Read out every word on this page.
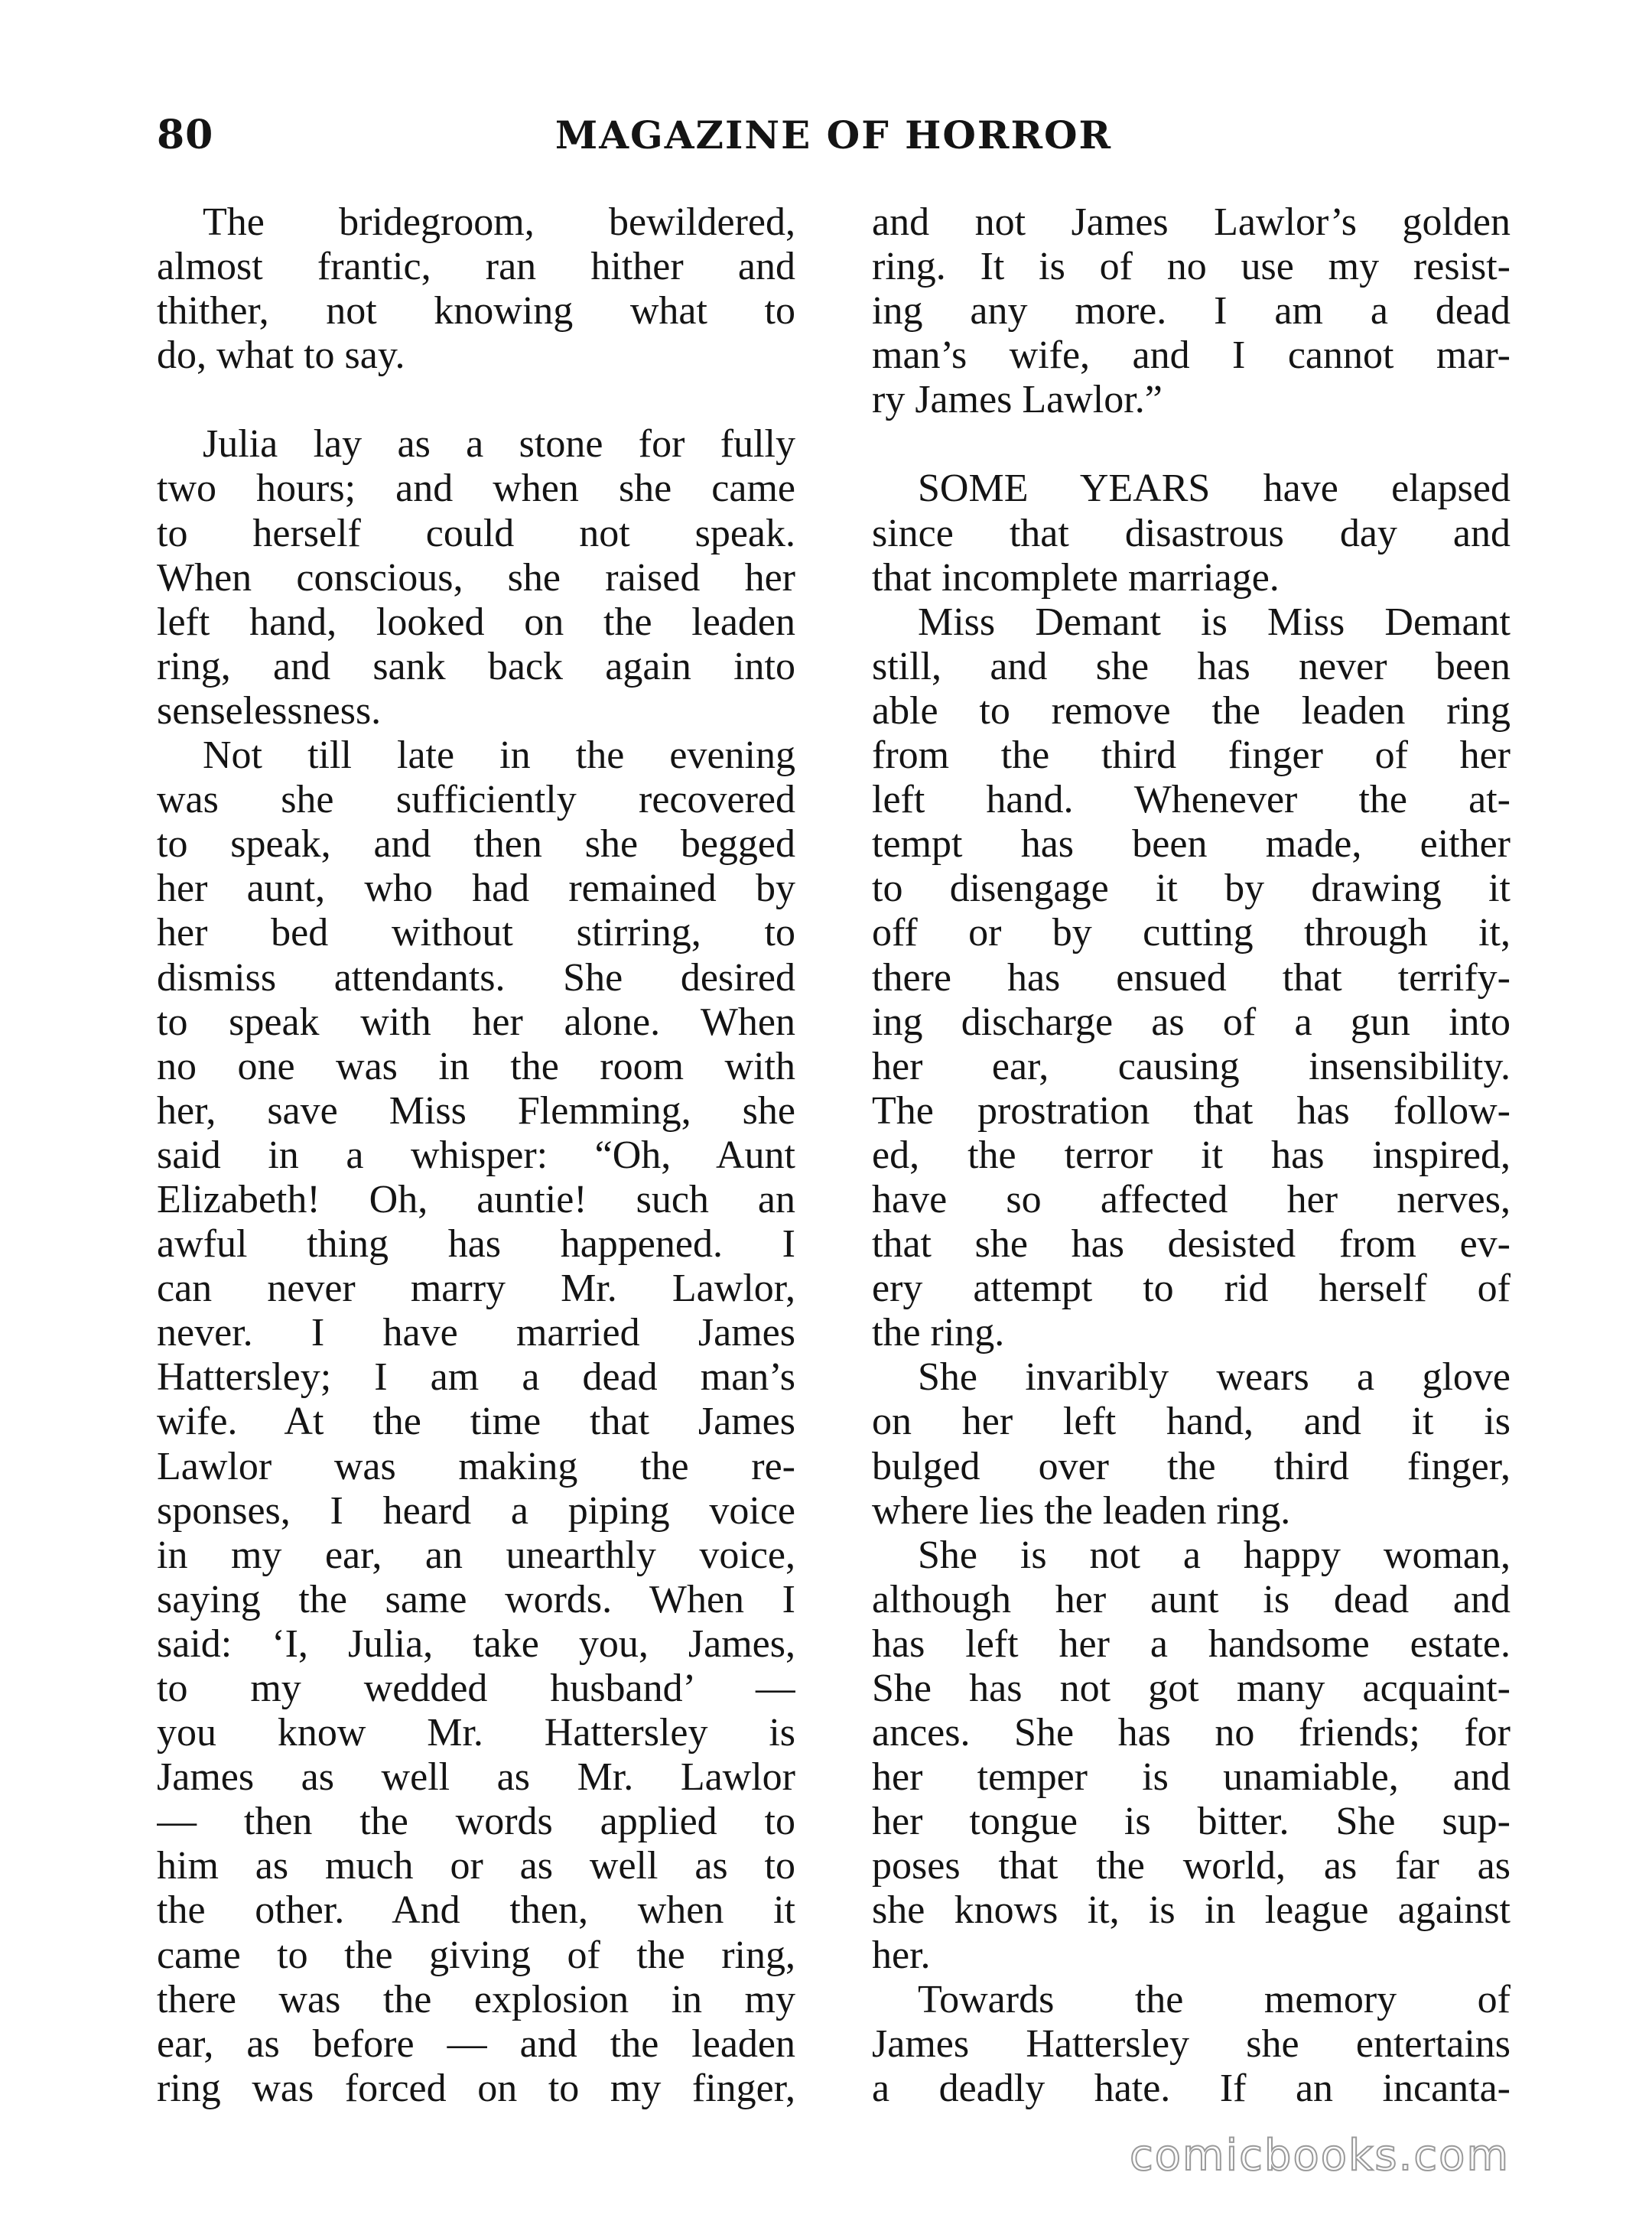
80	MAGAZINE OF HORROR
The bridegroom, bewildered,
almost frantic, ran hither and
thither, not knowing what to
do, what to say.
Julia lay as a stone for fully
two hours; and when she came
to herself could not speak.
When conscious, she raised her
left hand, looked on the leaden
ring, and sank back again into
senselessness.
Not till late in the evening
was she sufficiently recovered
to speak, and then she begged
her aunt, who had remained by
her bed without stirring, to
dismiss attendants. She desired
to speak with her alone. When
no one was in the room with
her, save Miss Flemming, she
said in a whisper: “Oh, Aunt
Elizabeth! Oh, auntie! such an
awful thing has happened. I
can never marry Mr. Lawlor,
never. I have married James
Hattersley; I am a dead man’s
wife. At the time that James
Lawlor was making the re-
sponses, I heard a piping voice
in my ear, an unearthly voice,
saying the same words. When I
said: ‘I, Julia, take you, James,
to my wedded husband’ —
you know Mr. Hattersley is
James as well as Mr. Lawlor
— then the words applied to
him as much or as well as to
the other. And then, when it
came to the giving of the ring,
there was the explosion in my
ear, as before — and the leaden
ring was forced on to my finger,
and not James Lawlor’s golden
ring. It is of no use my resist-
ing any more. I am a dead
man’s wife, and I cannot mar-
ry James Lawlor.”
SOME YEARS have elapsed
since that disastrous day and
that incomplete marriage.
Miss Demant is Miss Demant
still, and she has never been
able to remove the leaden ring
from the third finger of her
left hand. Whenever the at-
tempt has been made, either
to disengage it by drawing it
off or by cutting through it,
there has ensued that terrify-
ing discharge as of a gun into
her ear, causing insensibility.
The prostration that has follow-
ed, the terror it has inspired,
have so affected her nerves,
that she has desisted from ev-
ery attempt to rid herself of
the ring.
She invaribly wears a glove
on her left hand, and it is
bulged over the third finger,
where lies the leaden ring.
She is not a happy woman,
although her aunt is dead and
has left her a handsome estate.
She has not got many acquaint-
ances. She has no friends; for
her temper is unamiable, and
her tongue is bitter. She sup-
poses that the world, as far as
she knows it, is in league against
her.
Towards the memory of
James Hattersley she entertains
a deadly hate. If an incanta-
comicbooks.com
